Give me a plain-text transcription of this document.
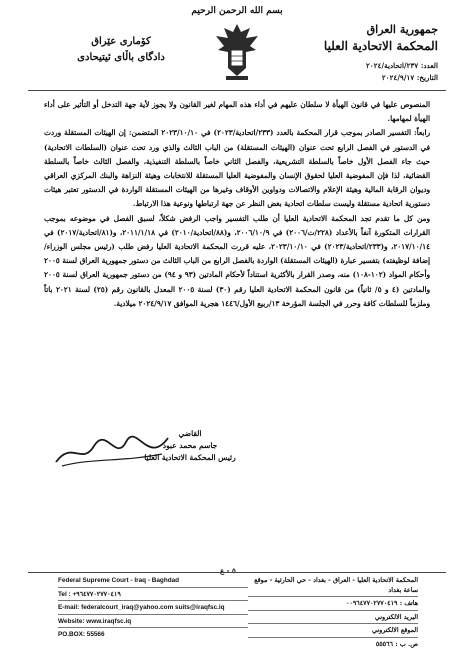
بسم الله الرحمن الرحيم
جمهورية العراق
المحكمة الاتحادية العليا
العدد: ٢٣٧/اتحادية/٢٠٢٤
التاريخ: ٢٠٢٤/٩/١٧
کۆماری عێراق
دادگای باڵای ئیتیحادی

المنصوص عليها في قانون الهيأة لا سلطان عليهم في أداء هذه المهام لغير القانون ولا يجوز لأية جهة التدخل أو التأثير على أداء الهيأة لمهامها.

رابعاً: التفسير الصادر بموجب قرار المحكمة بالعدد (٢٣٣/اتحادية/٢٠٢٣) في ٢٠٢٣/١٠/١٠ المتضمن: إن الهيئات المستقلة وردت في الدستور في الفصل الرابع تحت عنوان (الهيئات المستقلة) من الباب الثالث والذي ورد تحت عنوان (السلطات الاتحادية) حيث جاء الفصل الأول خاصاً بالسلطة التشريعية، والفصل الثاني خاصاً بالسلطة التنفيذية، والفصل الثالث خاصاً بالسلطة القضائية، لذا فإن المفوضية العليا لحقوق الإنسان والمفوضية العليا المستقلة للانتخابات وهيئة النزاهة والبنك المركزي العراقي وديوان الرقابة المالية وهيئة الإعلام والاتصالات ودواوين الأوقاف وغيرها من الهيئات المستقلة الواردة في الدستور تعتبر هيئات دستورية اتحادية مستقلة وليست سلطات اتحادية بغض النظر عن جهة ارتباطها ونوعية هذا الارتباط.

ومن كل ما تقدم تجد المحكمة الاتحادية العليا أن طلب التفسير واجب الرفض شكلاً، لسبق الفصل في موضوعه بموجب القرارات المتكورة آنفاً بالأعداد (٢٢٨/ت/٢٠٠٦) في ٢٠٠٦/١٠/٩، و(٨٨/اتحادية/٢٠١٠) في ٢٠١١/١/١٨، و(٨١/اتحادية/٢٠١٧) في ٢٠١٧/١٠/١٤، و(٢٣٣/اتحادية/٢٠٢٣) في ٢٠٢٣/١٠/١٠، عليه قررت المحكمة الاتحادية العليا رفض طلب (رئيس مجلس الوزراء/ إضافة لوظيفته) بتفسير عبارة (الهيئات المستقلة) الواردة بالفصل الرابع من الباب الثالث من دستور جمهورية العراق لسنة ٢٠٠٥ وأحكام المواد (١٠٢-١٠٨) منه، وصدر القرار بالأكثرية استناداً لأحكام المادتين (٩٣ و ٩٤) من دستور جمهورية العراق لسنة ٢٠٠٥ والمادتين (٤ و ٥/ ثانياً) من قانون المحكمة الاتحادية العليا رقم (٣٠) لسنة ٢٠٠٥ المعدل بالقانون رقم (٢٥) لسنة ٢٠٢١ باتاً وملزماً للسلطات كافة وحرر في الجلسة المؤرخة ١٣/ربيع الأول/١٤٤٦ هجرية الموافق ٢٠٢٤/٩/١٧ ميلادية.

القاضي
جاسم محمد عبود
رئيس المحكمة الاتحادية العليا
٥ - ع
Federal Supreme Court - Iraq - Baghdad
Tel : +٩٦٤٧٧٠٢٧٧٠٤١٩
E-mail: federalcourt_iraq@yahoo.com suits@iraqfsc.iq
Website: www.iraqfsc.iq
PO.BOX: 55566
المحكمة الاتحادية العليا - العراق - بغداد - حي الحارثية - موقع ساعة بغداد
هاتف : ٠٠٩٦٤٧٧٠٢٧٧٠٤١٩
البريد الالكتروني
الموقع الالكتروني
ص. ب : ٥٥٥٦٦
